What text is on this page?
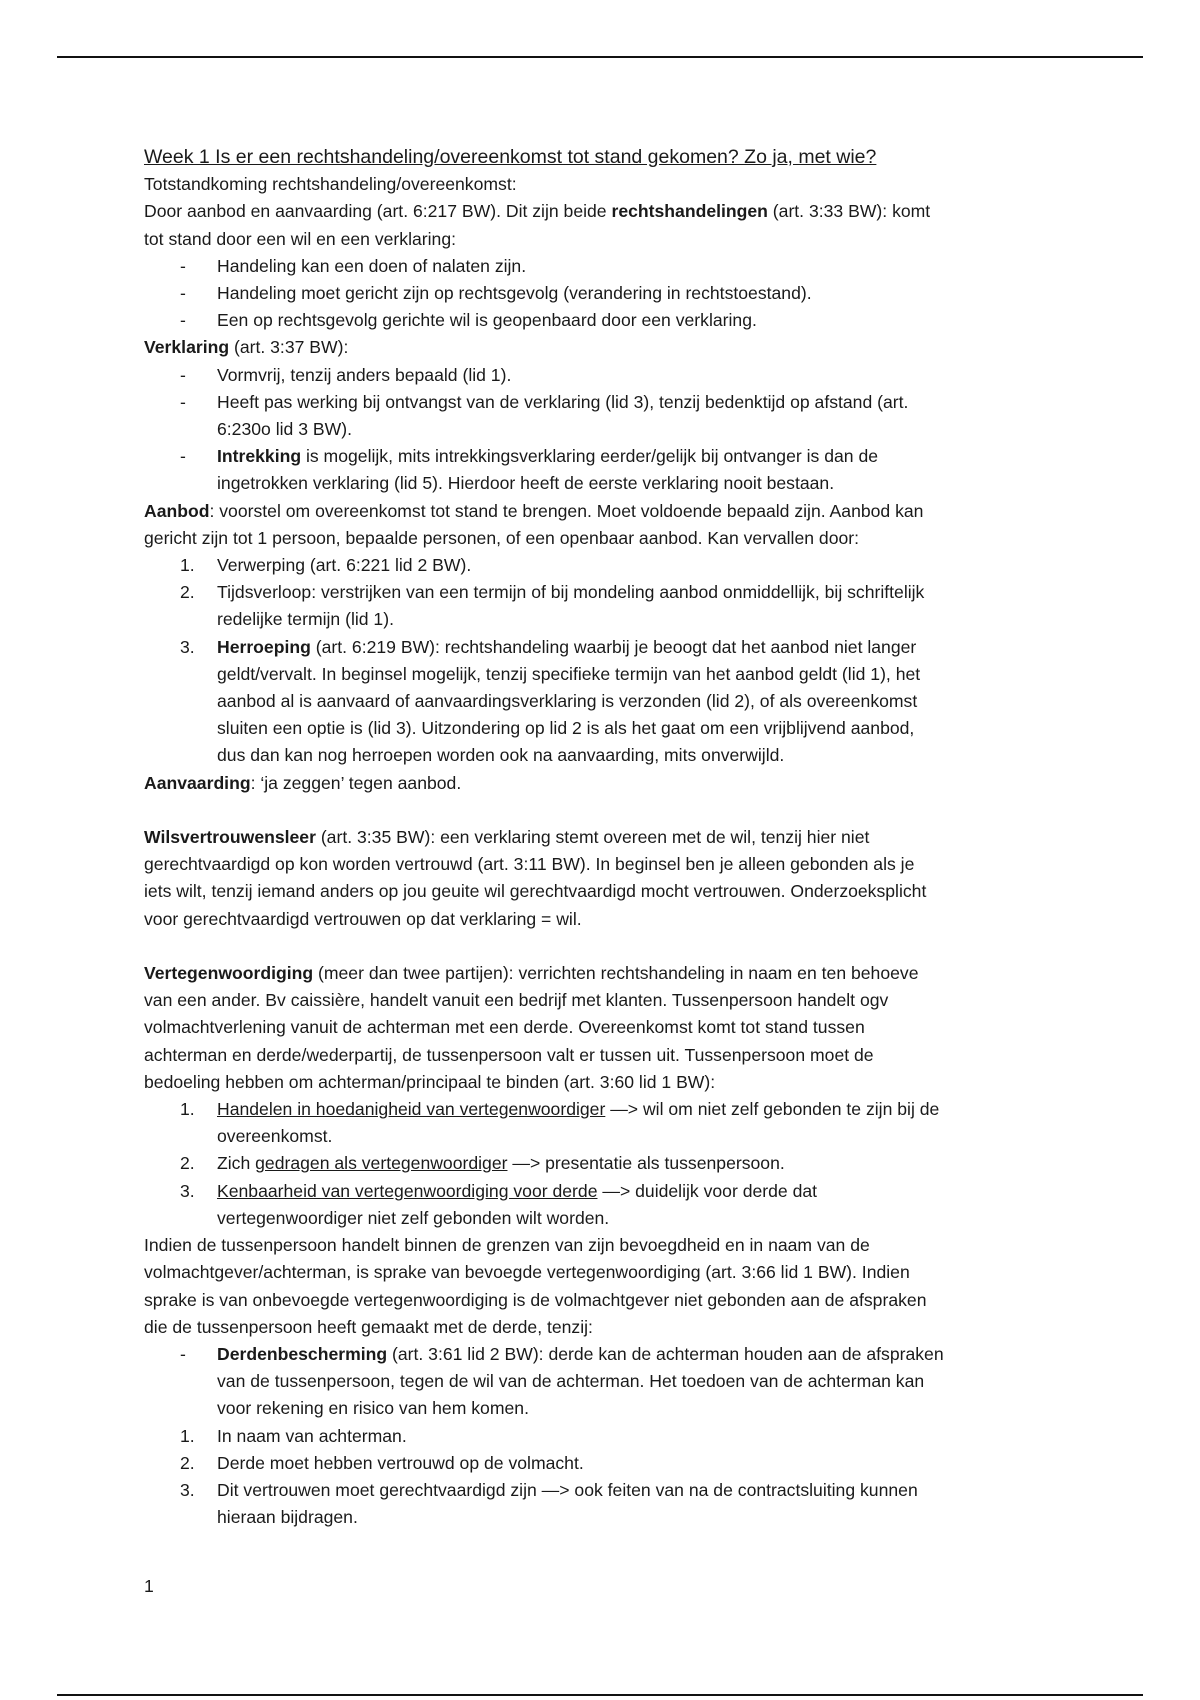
Week 1 Is er een rechtshandeling/overeenkomst tot stand gekomen? Zo ja, met wie?
Totstandkoming rechtshandeling/overeenkomst:
Door aanbod en aanvaarding (art. 6:217 BW). Dit zijn beide rechtshandelingen (art. 3:33 BW): komt
tot stand door een wil en een verklaring:
- Handeling kan een doen of nalaten zijn.
- Handeling moet gericht zijn op rechtsgevolg (verandering in rechtstoestand).
- Een op rechtsgevolg gerichte wil is geopenbaard door een verklaring.
Verklaring (art. 3:37 BW):
- Vormvrij, tenzij anders bepaald (lid 1).
- Heeft pas werking bij ontvangst van de verklaring (lid 3), tenzij bedenktijd op afstand (art.
6:230o lid 3 BW).
- Intrekking is mogelijk, mits intrekkingsverklaring eerder/gelijk bij ontvanger is dan de
ingetrokken verklaring (lid 5). Hierdoor heeft de eerste verklaring nooit bestaan.
Aanbod: voorstel om overeenkomst tot stand te brengen. Moet voldoende bepaald zijn. Aanbod kan
gericht zijn tot 1 persoon, bepaalde personen, of een openbaar aanbod. Kan vervallen door:
1. Verwerping (art. 6:221 lid 2 BW).
2. Tijdsverloop: verstrijken van een termijn of bij mondeling aanbod onmiddellijk, bij schriftelijk
redelijke termijn (lid 1).
3. Herroeping (art. 6:219 BW): rechtshandeling waarbij je beoogt dat het aanbod niet langer
geldt/vervalt. In beginsel mogelijk, tenzij specifieke termijn van het aanbod geldt (lid 1), het
aanbod al is aanvaard of aanvaardingsverklaring is verzonden (lid 2), of als overeenkomst
sluiten een optie is (lid 3). Uitzondering op lid 2 is als het gaat om een vrijblijvend aanbod,
dus dan kan nog herroepen worden ook na aanvaarding, mits onverwijld.
Aanvaarding: ‘ja zeggen’ tegen aanbod.
Wilsvertrouwensleer (art. 3:35 BW): een verklaring stemt overeen met de wil, tenzij hier niet
gerechtvaardigd op kon worden vertrouwd (art. 3:11 BW). In beginsel ben je alleen gebonden als je
iets wilt, tenzij iemand anders op jou geuite wil gerechtvaardigd mocht vertrouwen. Onderzoeksplicht
voor gerechtvaardigd vertrouwen op dat verklaring = wil.
Vertegenwoordiging (meer dan twee partijen): verrichten rechtshandeling in naam en ten behoeve
van een ander. Bv caissière, handelt vanuit een bedrijf met klanten. Tussenpersoon handelt ogv
volmachtverlening vanuit de achterman met een derde. Overeenkomst komt tot stand tussen
achterman en derde/wederpartij, de tussenpersoon valt er tussen uit. Tussenpersoon moet de
bedoeling hebben om achterman/principaal te binden (art. 3:60 lid 1 BW):
1. Handelen in hoedanigheid van vertegenwoordiger —> wil om niet zelf gebonden te zijn bij de
overeenkomst.
2. Zich gedragen als vertegenwoordiger —> presentatie als tussenpersoon.
3. Kenbaarheid van vertegenwoordiging voor derde —> duidelijk voor derde dat
vertegenwoordiger niet zelf gebonden wilt worden.
Indien de tussenpersoon handelt binnen de grenzen van zijn bevoegdheid en in naam van de
volmachtgever/achterman, is sprake van bevoegde vertegenwoordiging (art. 3:66 lid 1 BW). Indien
sprake is van onbevoegde vertegenwoordiging is de volmachtgever niet gebonden aan de afspraken
die de tussenpersoon heeft gemaakt met de derde, tenzij:
- Derdenbescherming (art. 3:61 lid 2 BW): derde kan de achterman houden aan de afspraken
van de tussenpersoon, tegen de wil van de achterman. Het toedoen van de achterman kan
voor rekening en risico van hem komen.
1. In naam van achterman.
2. Derde moet hebben vertrouwd op de volmacht.
3. Dit vertrouwen moet gerechtvaardigd zijn —> ook feiten van na de contractsluiting kunnen
hieraan bijdragen.
1
